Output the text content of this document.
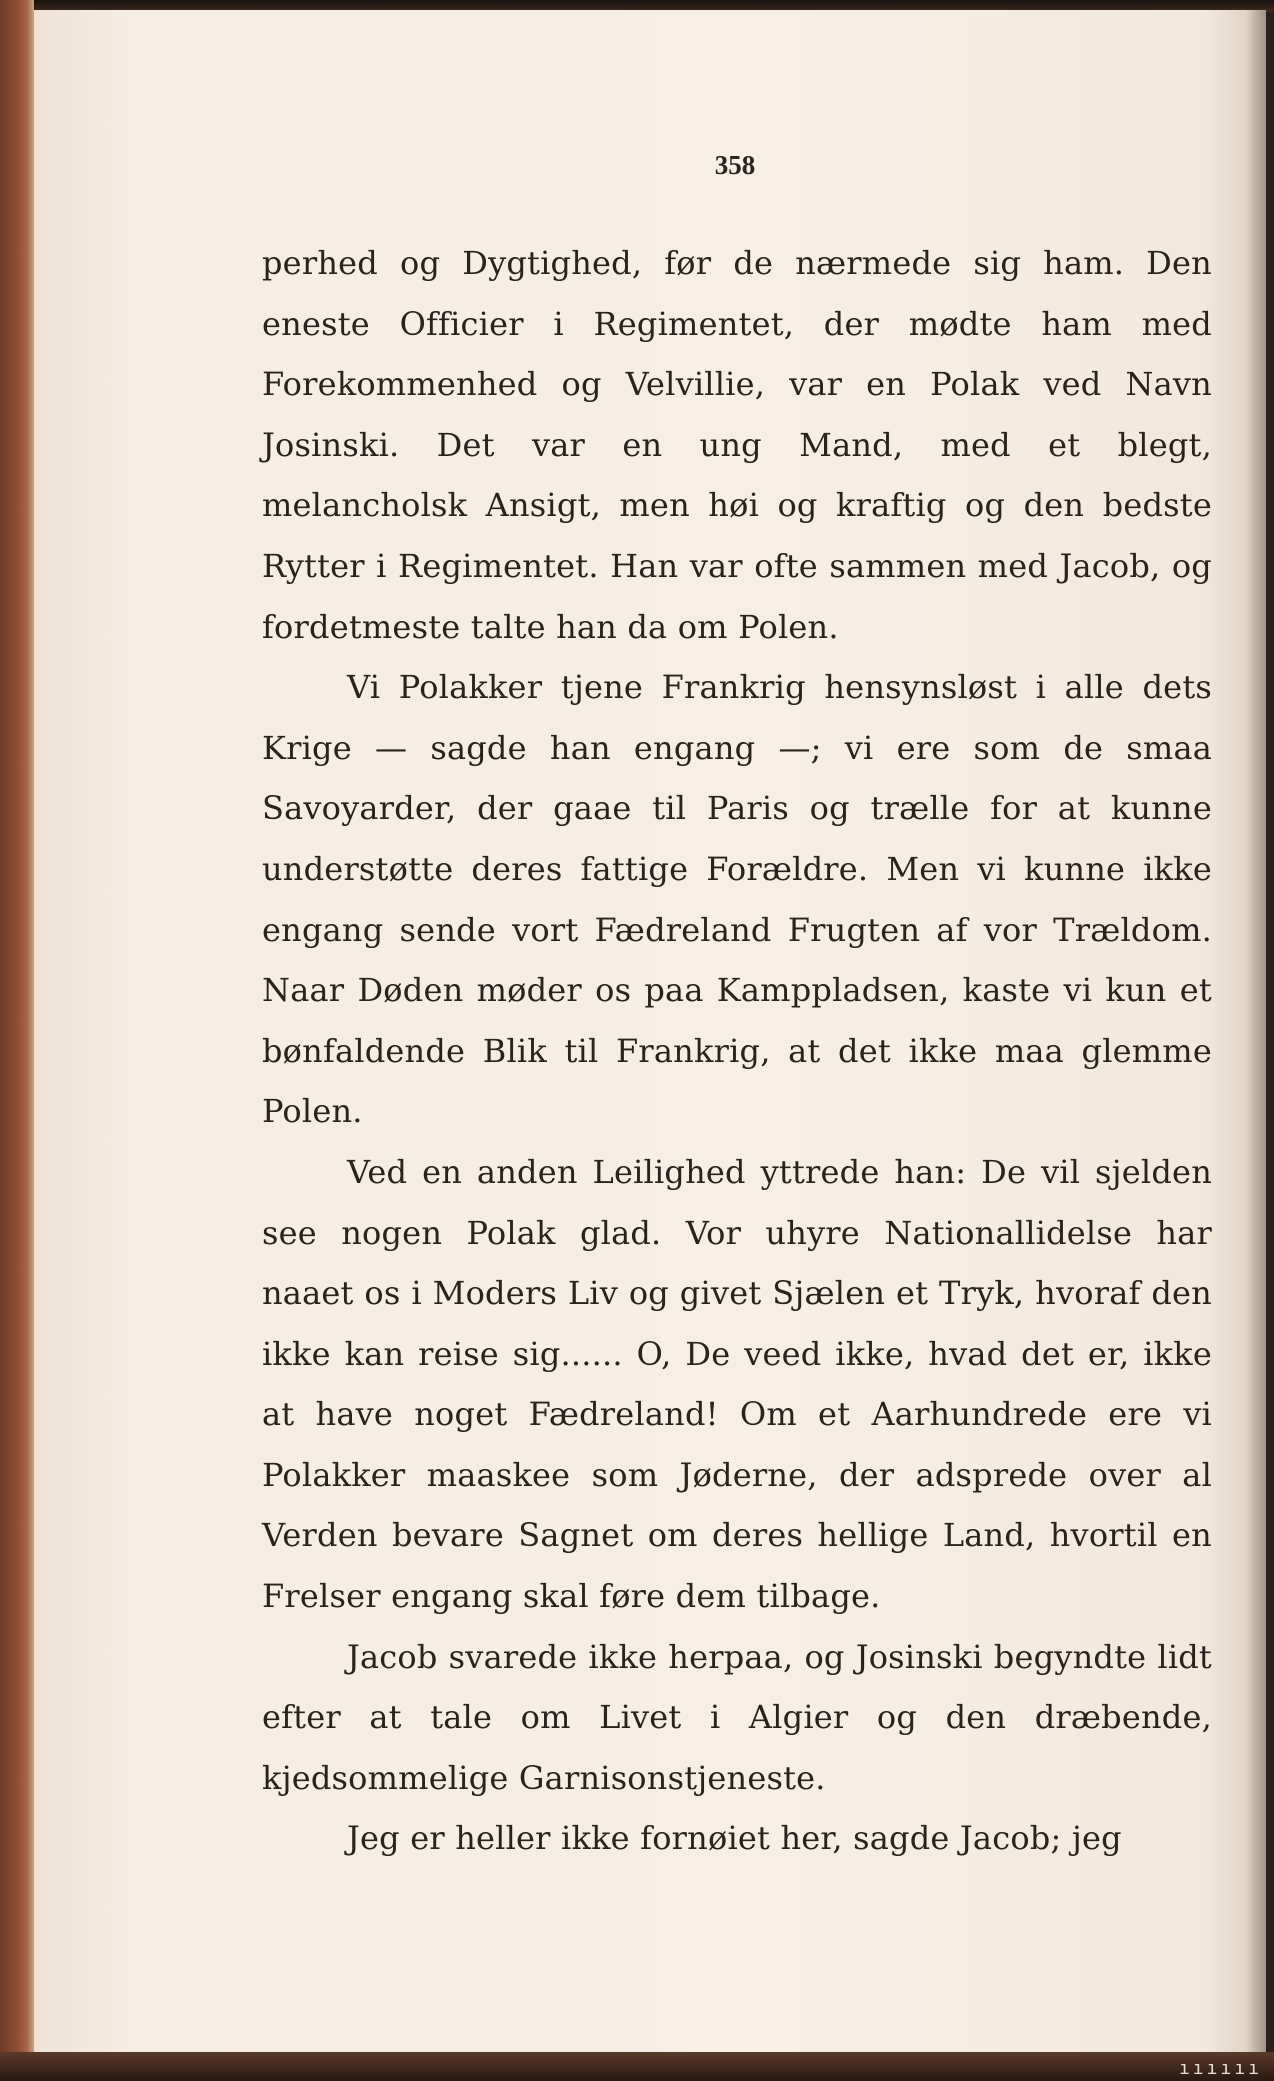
358

perhed og Dygtighed, før de nærmede sig ham. Den eneste Officier i Regimentet, der mødte ham med Forekommenhed og Velvillie, var en Polak ved Navn Josinski. Det var en ung Mand, med et blegt, melancholsk Ansigt, men høi og kraftig og den bedste Rytter i Regimentet. Han var ofte sammen med Jacob, og fordetmeste talte han da om Polen.

Vi Polakker tjene Frankrig hensynsløst i alle dets Krige — sagde han engang —; vi ere som de smaa Savoyarder, der gaae til Paris og trælle for at kunne understøtte deres fattige Forældre. Men vi kunne ikke engang sende vort Fædreland Frugten af vor Trældom. Naar Døden møder os paa Kamppladsen, kaste vi kun et bønfaldende Blik til Frankrig, at det ikke maa glemme Polen.

Ved en anden Leilighed yttrede han: De vil sjelden see nogen Polak glad. Vor uhyre Nationallidelse har naaet os i Moders Liv og givet Sjælen et Tryk, hvoraf den ikke kan reise sig...... O, De veed ikke, hvad det er, ikke at have noget Fædreland! Om et Aarhundrede ere vi Polakker maaskee som Jøderne, der adsprede over al Verden bevare Sagnet om deres hellige Land, hvortil en Frelser engang skal føre dem tilbage.

Jacob svarede ikke herpaa, og Josinski begyndte lidt efter at tale om Livet i Algier og den dræbende, kjedsommelige Garnisonstjeneste.

Jeg er heller ikke fornøiet her, sagde Jacob; jeg

ıııııı
